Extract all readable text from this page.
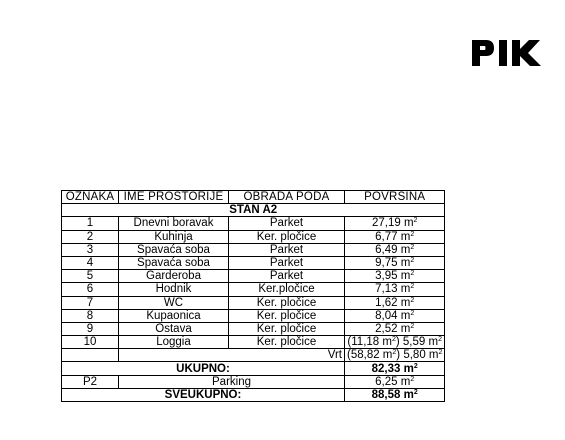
OZNAKA	IME PROSTORIJE	OBRADA PODA	POVRŠINA
STAN A2			
1	Dnevni boravak	Parket	27,19 $m^2$
2	Kuhinja	Ker. pločice	6,77 $m^2$
3	Spavaća soba	Parket	6,49 $m^2$
4	Spavaća soba	Parket	9,75 $m^2$
5	Garderoba	Parket	3,95 $m^2$
6	Hodnik	Ker.pločice	7,13 $m^2$
7	WC	Ker. pločice	1,62 $m^2$
8	Kupaonica	Ker. pločice	8,04 $m^2$
9	Ostava	Ker. pločice	2,52 $m^2$
10	Loggia	Ker. pločice	(11,18 $m^2$) 5,59 $m^2$
	Vrt		(58,82 $m^2$) 5,80 $m^2$
UKUPNO:			82,33 $m^2$
P2	Parking		6,25 $m^2$
SVEUKUPNO:			88,58 $m^2$
